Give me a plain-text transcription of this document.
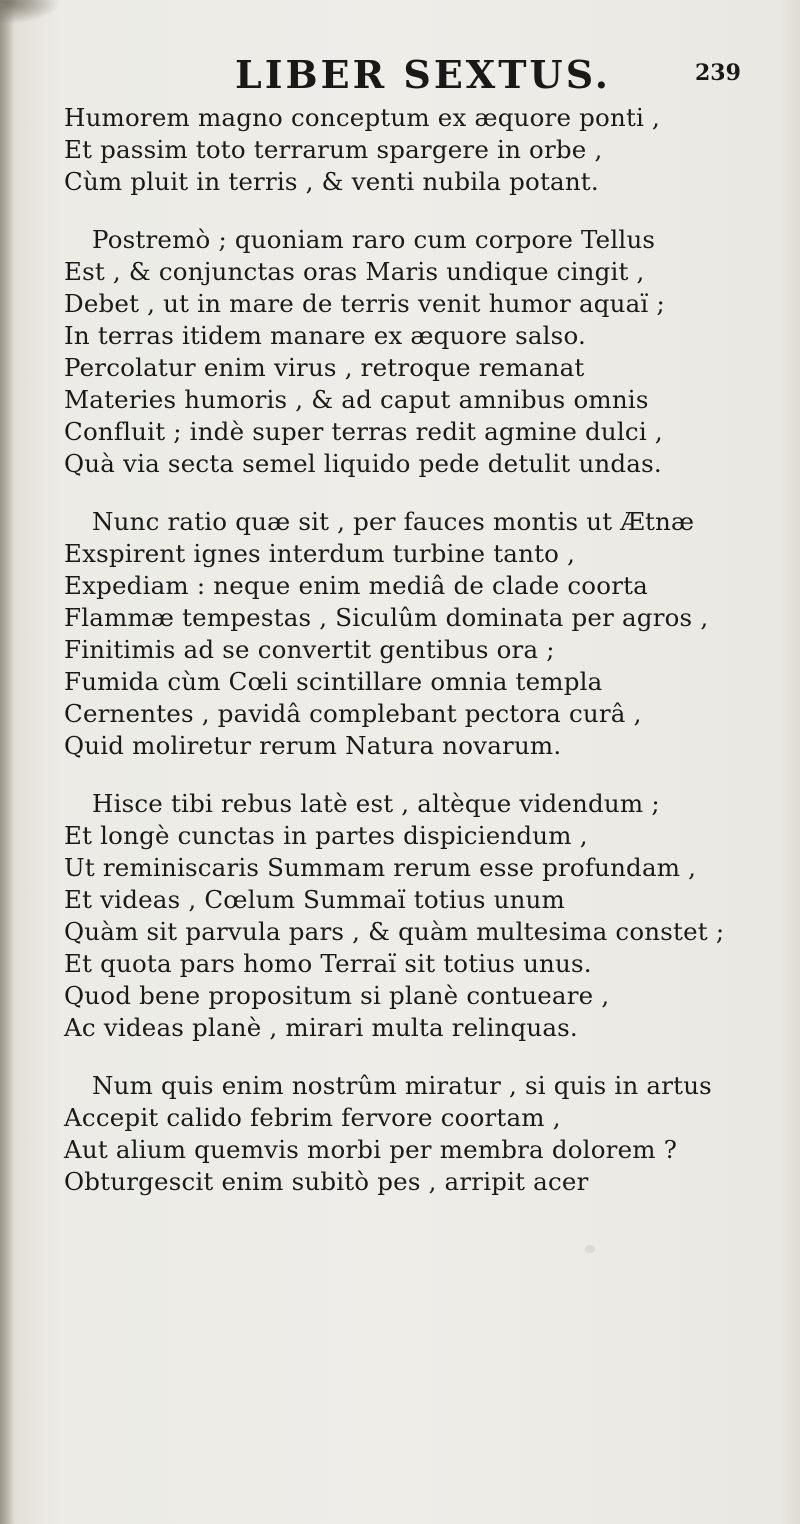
LIBER SEXTUS.	239
Humorem magno conceptum ex æquore ponti ,
Et passim toto terrarum spargere in orbe ,
Cùm pluit in terris , & venti nubila potant.
Postremò ; quoniam raro cum corpore Tellus
Est , & conjunctas oras Maris undique cingit ,
Debet , ut in mare de terris venit humor aquaï ;
In terras itidem manare ex æquore salso.
Percolatur enim virus , retroque remanat
Materies humoris , & ad caput amnibus omnis
Confluit ; indè super terras redit agmine dulci ,
Quà via secta semel liquido pede detulit undas.
Nunc ratio quæ sit , per fauces montis ut Ætnæ
Exspirent ignes interdum turbine tanto ,
Expediam : neque enim mediâ de clade coorta
Flammæ tempestas , Siculûm dominata per agros ,
Finitimis ad se convertit gentibus ora ;
Fumida cùm Cœli scintillare omnia templa
Cernentes , pavidâ complebant pectora curâ ,
Quid moliretur rerum Natura novarum.
Hisce tibi rebus latè est , altèque videndum ;
Et longè cunctas in partes dispiciendum ,
Ut reminiscaris Summam rerum esse profundam ,
Et videas , Cœlum Summaï totius unum
Quàm sit parvula pars , & quàm multesima constet ;
Et quota pars homo Terraï sit totius unus.
Quod bene propositum si planè contueare ,
Ac videas planè , mirari multa relinquas.
Num quis enim nostrûm miratur , si quis in artus
Accepit calido febrim fervore coortam ,
Aut alium quemvis morbi per membra dolorem ?
Obturgescit enim subitò pes , arripit acer
